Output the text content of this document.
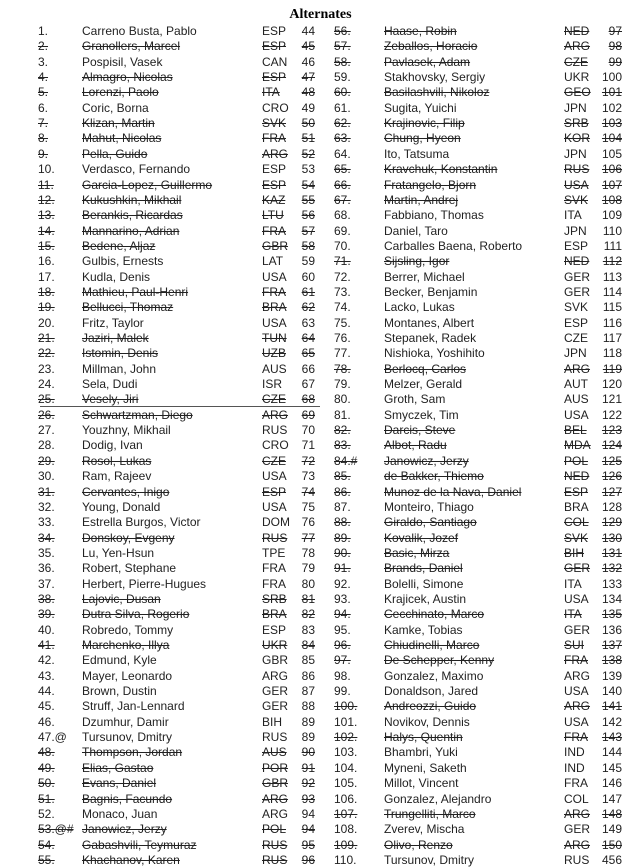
Alternates
1.	Carreno Busta, Pablo	ESP	44
2.	Granollers, Marcel	ESP	45
3.	Pospisil, Vasek	CAN	46
4.	Almagro, Nicolas	ESP	47
5.	Lorenzi, Paolo	ITA	48
6.	Coric, Borna	CRO	49
7.	Klizan, Martin	SVK	50
8.	Mahut, Nicolas	FRA	51
9.	Pella, Guido	ARG	52
10. Verdasco, Fernando	ESP	53
11. Garcia-Lopez, Guillermo	ESP	54
12. Kukushkin, Mikhail	KAZ	55
13. Berankis, Ricardas	LTU	56
14. Mannarino, Adrian	FRA	57
15. Bedene, Aljaz	GBR	58
16. Gulbis, Ernests	LAT	59
17. Kudla, Denis	USA	60
18. Mathieu, Paul-Henri	FRA	61
19. Bellucci, Thomaz	BRA	62
20. Fritz, Taylor	USA	63
21. Jaziri, Malek	TUN	64
22. Istomin, Denis	UZB	65
23. Millman, John	AUS	66
24. Sela, Dudi	ISR	67
25. Vesely, Jiri	CZE	68
26. Schwartzman, Diego	ARG	69
27. Youzhny, Mikhail	RUS	70
28. Dodig, Ivan	CRO	71
29. Rosol, Lukas	CZE	72
30. Ram, Rajeev	USA	73
31. Cervantes, Inigo	ESP	74
32. Young, Donald	USA	75
33. Estrella Burgos, Victor	DOM 76
34. Donskoy, Evgeny	RUS	77
35. Lu, Yen-Hsun	TPE	78
36. Robert, Stephane	FRA	79
37. Herbert, Pierre-Hugues	FRA	80
38. Lajovic, Dusan	SRB	81
39. Dutra Silva, Rogerio	BRA	82
40. Robredo, Tommy	ESP	83
41. Marchenko, Illya	UKR	84
42. Edmund, Kyle	GBR	85
43. Mayer, Leonardo	ARG	86
44. Brown, Dustin	GER	87
45. Struff, Jan-Lennard	GER	88
46. Dzumhur, Damir	BIH	89
47.@ Tursunov, Dmitry	RUS	89
48. Thompson, Jordan	AUS	90
49. Elias, Gastao	POR	91
50. Evans, Daniel	GBR	92
51. Bagnis, Facundo	ARG	93
52. Monaco, Juan	ARG	94
53.@# Janowicz, Jerzy	POL	94
54. Gabashvili, Teymuraz	RUS	95
55. Khachanov, Karen	RUS	96
56.	Haase, Robin	NED	97
57.	Zeballos, Horacio	ARG	98
58.	Pavlasek, Adam	CZE	99
59.	Stakhovsky, Sergiy	UKR	100
60.	Basilashvili, Nikoloz	GEO 101
61.	Sugita, Yuichi	JPN	102
62.	Krajinovic, Filip	SRB	103
63.	Chung, Hyeon	KOR 104
64.	Ito, Tatsuma	JPN	105
65.	Kravchuk, Konstantin	RUS	106
66.	Fratangelo, Bjorn	USA	107
67.	Martin, Andrej	SVK	108
68.	Fabbiano, Thomas	ITA	109
69.	Daniel, Taro	JPN	110
70.	Carballes Baena, Roberto	ESP	111
71.	Sijsling, Igor	NED	112
72.	Berrer, Michael	GER	113
73.	Becker, Benjamin	GER	114
74.	Lacko, Lukas	SVK	115
75.	Montanes, Albert	ESP	116
76.	Stepanek, Radek	CZE	117
77.	Nishioka, Yoshihito	JPN	118
78.	Berlocq, Carlos	ARG	119
79.	Melzer, Gerald	AUT	120
80.	Groth, Sam	AUS	121
81.	Smyczek, Tim	USA	122
82.	Darcis, Steve	BEL	123
83.	Albot, Radu	MDA 124
84.# Janowicz, Jerzy	POL	125
85.	de Bakker, Thiemo	NED	126
86.	Munoz de la Nava, Daniel	ESP	127
87.	Monteiro, Thiago	BRA	128
88.	Giraldo, Santiago	COL	129
89.	Kovalik, Jozef	SVK	130
90.	Basic, Mirza	BIH	131
91.	Brands, Daniel	GER 132
92.	Bolelli, Simone	ITA	133
93.	Krajicek, Austin	USA	134
94.	Cecchinato, Marco	ITA	135
95.	Kamke, Tobias	GER 136
96.	Chiudinelli, Marco	SUI	137
97.	De Schepper, Kenny	FRA	138
98.	Gonzalez, Maximo	ARG 139
99.	Donaldson, Jared	USA	140
100. Andreozzi, Guido	ARG 141
101. Novikov, Dennis	USA	142
102. Halys, Quentin	FRA	143
103. Bhambri, Yuki	IND	144
104. Myneni, Saketh	IND	145
105. Millot, Vincent	FRA	146
106. Gonzalez, Alejandro	COL	147
107. Trungelliti, Marco	ARG 148
108. Zverev, Mischa	GER 149
109. Olivo, Renzo	ARG 150
110. Tursunov, Dmitry	RUS	456
